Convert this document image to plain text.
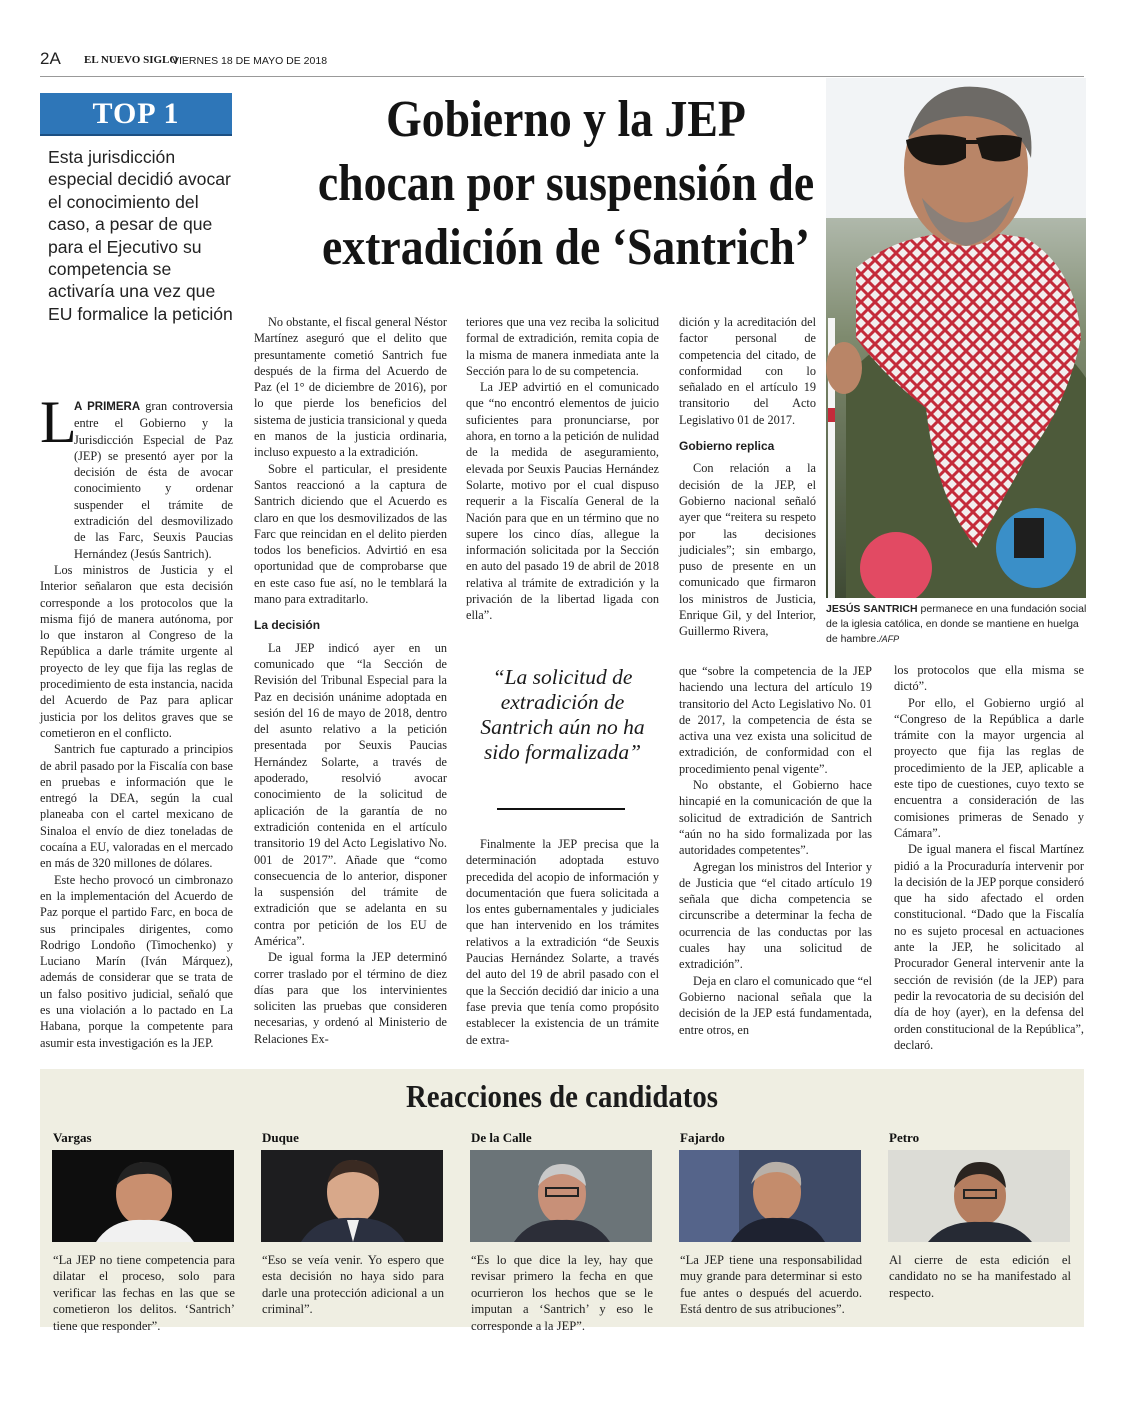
2A EL NUEVO SIGLO
VIERNES 18 DE MAYO DE 2018
TOP 1
Esta jurisdicción especial decidió avocar el conocimiento del caso, a pesar de que para el Ejecutivo su competencia se activaría una vez que EU formalice la petición
Gobierno y la JEP
chocan por suspensión de
extradición de ‘Santrich’
JESÚS SANTRICH permanece en una fundación social de la iglesia católica, en donde se mantiene en huelga de hambre./AFP
L

A PRIMERA gran controversia entre el Gobierno y la Jurisdicción Especial de Paz (JEP) se presentó ayer por la decisión de ésta de avocar conocimiento y ordenar suspender el trámite de extradición del desmovilizado de las Farc, Seuxis Paucias Hernández (Jesús Santrich).

Los ministros de Justicia y el Interior señalaron que esta decisión corresponde a los protocolos que la misma fijó de manera autónoma, por lo que instaron al Congreso de la República a darle trámite urgente al proyecto de ley que fija las reglas de procedimiento de esta instancia, nacida del Acuerdo de Paz para aplicar justicia por los delitos graves que se cometieron en el conflicto.

Santrich fue capturado a principios de abril pasado por la Fiscalía con base en pruebas e información que le entregó la DEA, según la cual planeaba con el cartel mexicano de Sinaloa el envío de diez toneladas de cocaína a EU, valoradas en el mercado en más de 320 millones de dólares.

Este hecho provocó un cimbronazo en la implementación del Acuerdo de Paz porque el partido Farc, en boca de sus principales dirigentes, como Rodrigo Londoño (Timochenko) y Luciano Marín (Iván Márquez), además de considerar que se trata de un falso positivo judicial, señaló que es una violación a lo pactado en La Habana, porque la competente para asumir esta investigación es la JEP.

No obstante, el fiscal general Néstor Martínez aseguró que el delito que presuntamente cometió Santrich fue después de la firma del Acuerdo de Paz (el 1° de diciembre de 2016), por lo que pierde los beneficios del sistema de justicia transicional y queda en manos de la justicia ordinaria, incluso expuesto a la extradición.

Sobre el particular, el presidente Santos reaccionó a la captura de Santrich diciendo que el Acuerdo es claro en que los desmovilizados de las Farc que reincidan en el delito pierden todos los beneficios. Advirtió en esa oportunidad que de comprobarse que en este caso fue así, no le temblará la mano para extraditarlo.

La decisión

La JEP indicó ayer en un comunicado que “la Sección de Revisión del Tribunal Especial para la Paz en decisión unánime adoptada en sesión del 16 de mayo de 2018, dentro del asunto relativo a la petición presentada por Seuxis Paucias Hernández Solarte, a través de apoderado, resolvió avocar conocimiento de la solicitud de aplicación de la garantía de no extradición contenida en el artículo transitorio 19 del Acto Legislativo No. 001 de 2017”. Añade que “como consecuencia de lo anterior, disponer la suspensión del trámite de extradición que se adelanta en su contra por petición de los EU de América”.

De igual forma la JEP determinó correr traslado por el término de diez días para que los intervinientes soliciten las pruebas que consideren necesarias, y ordenó al Ministerio de Relaciones Ex-

teriores que una vez reciba la solicitud formal de extradición, remita copia de la misma de manera inmediata ante la Sección para lo de su competencia.

La JEP advirtió en el comunicado que “no encontró elementos de juicio suficientes para pronunciarse, por ahora, en torno a la petición de nulidad de la medida de aseguramiento, elevada por Seuxis Paucias Hernández Solarte, motivo por el cual dispuso requerir a la Fiscalía General de la Nación para que en un término que no supere los cinco días, allegue la información solicitada por la Sección en auto del pasado 19 de abril de 2018 relativa al trámite de extradición y la privación de la libertad ligada con ella”.

“La solicitud de extradición de Santrich aún no ha sido formalizada”

Finalmente la JEP precisa que la determinación adoptada estuvo precedida del acopio de información y documentación que fuera solicitada a los entes gubernamentales y judiciales que han intervenido en los trámites relativos a la extradición “de Seuxis Paucias Hernández Solarte, a través del auto del 19 de abril pasado con el que la Sección decidió dar inicio a una fase previa que tenía como propósito establecer la existencia de un trámite de extra-

dición y la acreditación del factor personal de competencia del citado, de conformidad con lo señalado en el artículo 19 transitorio del Acto Legislativo 01 de 2017.

Gobierno replica

Con relación a la decisión de la JEP, el Gobierno nacional señaló ayer que “reitera su respeto por las decisiones judiciales”; sin embargo, puso de presente en un comunicado que firmaron los ministros de Justicia, Enrique Gil, y del Interior, Guillermo Rivera,

que “sobre la competencia de la JEP haciendo una lectura del artículo 19 transitorio del Acto Legislativo No. 01 de 2017, la competencia de ésta se activa una vez exista una solicitud de extradición, de conformidad con el procedimiento penal vigente”.

No obstante, el Gobierno hace hincapié en la comunicación de que la solicitud de extradición de Santrich “aún no ha sido formalizada por las autoridades competentes”.

Agregan los ministros del Interior y de Justicia que “el citado artículo 19 señala que dicha competencia se circunscribe a determinar la fecha de ocurrencia de las conductas por las cuales hay una solicitud de extradición”.

Deja en claro el comunicado que “el Gobierno nacional señala que la decisión de la JEP está fundamentada, entre otros, en

los protocolos que ella misma se dictó”.

Por ello, el Gobierno urgió al “Congreso de la República a darle trámite con la mayor urgencia al proyecto que fija las reglas de procedimiento de la JEP, aplicable a este tipo de cuestiones, cuyo texto se encuentra a consideración de las comisiones primeras de Senado y Cámara”.

De igual manera el fiscal Martínez pidió a la Procuraduría intervenir por la decisión de la JEP porque consideró que ha sido afectado el orden constitucional. “Dado que la Fiscalía no es sujeto procesal en actuaciones ante la JEP, he solicitado al Procurador General intervenir ante la sección de revisión (de la JEP) para pedir la revocatoria de su decisión del día de hoy (ayer), en la defensa del orden constitucional de la República”, declaró.

Reacciones de candidatos
Vargas
“La JEP no tiene competencia para dilatar el proceso, solo para verificar las fechas en las que se cometieron los delitos. ‘Santrich’ tiene que responder”.
Duque
“Eso se veía venir. Yo espero que esta decisión no haya sido para darle una protección adicional a un criminal”.
De la Calle
“Es lo que dice la ley, hay que revisar primero la fecha en que ocurrieron los hechos que se le imputan a ‘Santrich’ y eso le corresponde a la JEP”.
Fajardo
“La JEP tiene una responsabilidad muy grande para determinar si esto fue antes o después del acuerdo. Está dentro de sus atribuciones”.
Petro
Al cierre de esta edición el candidato no se ha manifestado al respecto.
